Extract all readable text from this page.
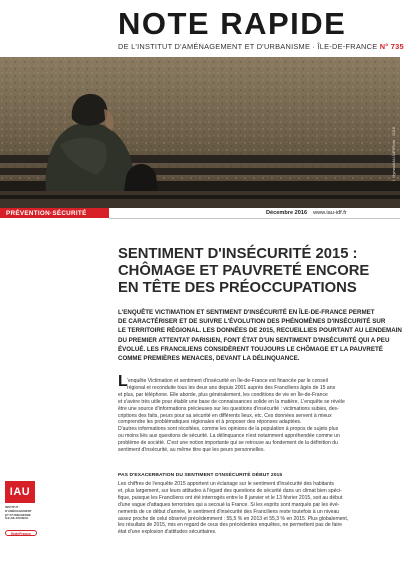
NOTE RAPIDE
DE L'INSTITUT D'AMÉNAGEMENT ET D'URBANISME · ÎLE-DE-FRANCE N° 735
I. Hyman/IAU-ÎdF/Flickr · 2016
PRÉVENTION·SÉCURITÉ	Décembre 2016 www.iau-idf.fr
IAU
INSTITUT
D'AMÉNAGEMENT
ET D'URBANISME
ÎLE-DE-FRANCE
ÎledeFrance
SENTIMENT D'INSÉCURITÉ 2015 :
CHÔMAGE ET PAUVRETÉ ENCORE
EN TÊTE DES PRÉOCCUPATIONS
L'ENQUÊTE VICTIMATION ET SENTIMENT D'INSÉCURITÉ EN ÎLE-DE-FRANCE PERMET
DE CARACTÉRISER ET DE SUIVRE L'ÉVOLUTION DES PHÉNOMÈNES D'INSÉCURITÉ SUR
LE TERRITOIRE RÉGIONAL. LES DONNÉES DE 2015, RECUEILLIES POURTANT AU LENDEMAIN
DU PREMIER ATTENTAT PARISIEN, FONT ÉTAT D'UN SENTIMENT D'INSÉCURITÉ QUI A PEU
ÉVOLUÉ. LES FRANCILIENS CONSIDÈRENT TOUJOURS LE CHÔMAGE ET LA PAUVRETÉ
COMME PREMIÈRES MENACES, DEVANT LA DÉLINQUANCE.
L 'enquête Victimation et sentiment d'insécurité en Île-de-France est financée par le conseil
régional et reconduite tous les deux ans depuis 2001 auprès des Franciliens âgés de 15 ans
et plus, par téléphone. Elle aborde, plus généralement, les conditions de vie en Île-de-France
et s'avère très utile pour établir une base de connaissances solide en la matière. L'enquête se révèle
être une source d'informations précieuses sur les questions d'insécurité : victimations subies, des-
criptions des faits, peurs pour sa sécurité en différents lieux, etc. Ces données servent à mieux
comprendre les problématiques régionales et à proposer des réponses adaptées.
D'autres informations sont récoltées, comme les opinions de la population à propos de sujets plus
ou moins liés aux questions de sécurité. La délinquance n'est notamment appréhendée comme un
problème de société. C'est une notion importante qui se retrouve au fondement de la définition du
sentiment d'insécurité, au même titre que les peurs personnelles.
PAS D'EXACERBATION DU SENTIMENT D'INSÉCURITÉ DÉBUT 2015
Les chiffres de l'enquête 2015 apportent un éclairage sur le sentiment d'insécurité des habitants
et, plus largement, sur leurs attitudes à l'égard des questions de sécurité dans un climat bien spéci-
fique, puisque les Franciliens ont été interrogés entre le 8 janvier et le 13 février 2015, soit au début
d'une vague d'attaques terroristes qui a secoué la France. Si les esprits sont marqués par les évé-
nements de ce début d'année, le sentiment d'insécurité des Franciliens reste toutefois à un niveau
assez proche de celui observé précédemment : 55,5 % en 2013 et 55,3 % en 2015. Plus globalement,
les résultats de 2015, mis en regard de ceux des précédentes enquêtes, ne permettent pas de faire
état d'une explosion d'attitudes sécuritaires.
